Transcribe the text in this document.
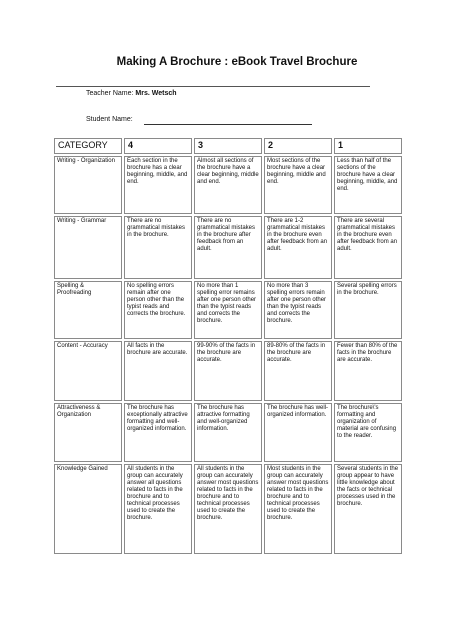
Making A Brochure : eBook Travel Brochure
Teacher Name: Mrs. Wetsch
Student Name:
CATEGORY	4	3	2	1
Writing - Organization	Each section in the brochure has a clear beginning, middle, and end.	Almost all sections of the brochure have a clear beginning, middle and end.	Most sections of the brochure have a clear beginning, middle and end.	Less than half of the sections of the brochure have a clear beginning, middle, and end.
Writing - Grammar	There are no grammatical mistakes in the brochure.	There are no grammatical mistakes in the brochure after feedback from an adult.	There are 1-2 grammatical mistakes in the brochure even after feedback from an adult.	There are several grammatical mistakes in the brochure even after feedback from an adult.
Spelling & Proofreading	No spelling errors remain after one person other than the typist reads and corrects the brochure.	No more than 1 spelling error remains after one person other than the typist reads and corrects the brochure.	No more than 3 spelling errors remain after one person other than the typist reads and corrects the brochure.	Several spelling errors in the brochure.
Content - Accuracy	All facts in the brochure are accurate.	99-90% of the facts in the brochure are accurate.	89-80% of the facts in the brochure are accurate.	Fewer than 80% of the facts in the brochure are accurate.
Attractiveness & Organization	The brochure has exceptionally attractive formatting and well-organized information.	The brochure has attractive formatting and well-organized information.	The brochure has well-organized information.	The brochure\'s formatting and organization of material are confusing to the reader.
Knowledge Gained	All students in the group can accurately answer all questions related to facts in the brochure and to technical processes used to create the brochure.	All students in the group can accurately answer most questions related to facts in the brochure and to technical processes used to create the brochure.	Most students in the group can accurately answer most questions related to facts in the brochure and to technical processes used to create the brochure.	Several students in the group appear to have little knowledge about the facts or technical processes used in the brochure.
